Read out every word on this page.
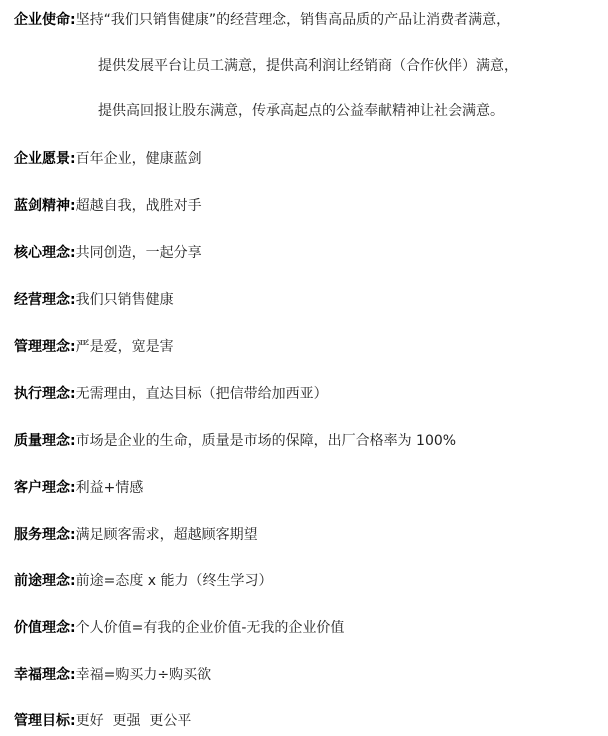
企业使命:坚持“我们只销售健康”的经营理念，销售高品质的产品让消费者满意，
提供发展平台让员工满意，提供高利润让经销商（合作伙伴）满意，
提供高回报让股东满意，传承高起点的公益奉献精神让社会满意。
企业愿景:百年企业，健康蓝剑
蓝剑精神:超越自我，战胜对手
核心理念:共同创造，一起分享
经营理念:我们只销售健康
管理理念:严是爱，宽是害
执行理念:无需理由，直达目标（把信带给加西亚）
质量理念:市场是企业的生命，质量是市场的保障，出厂合格率为 100%
客户理念:利益+情感
服务理念:满足顾客需求，超越顾客期望
前途理念:前途=态度 x 能力（终生学习）
价值理念:个人价值=有我的企业价值-无我的企业价值
幸福理念:幸福=购买力÷购买欲
管理目标:更好  更强  更公平
